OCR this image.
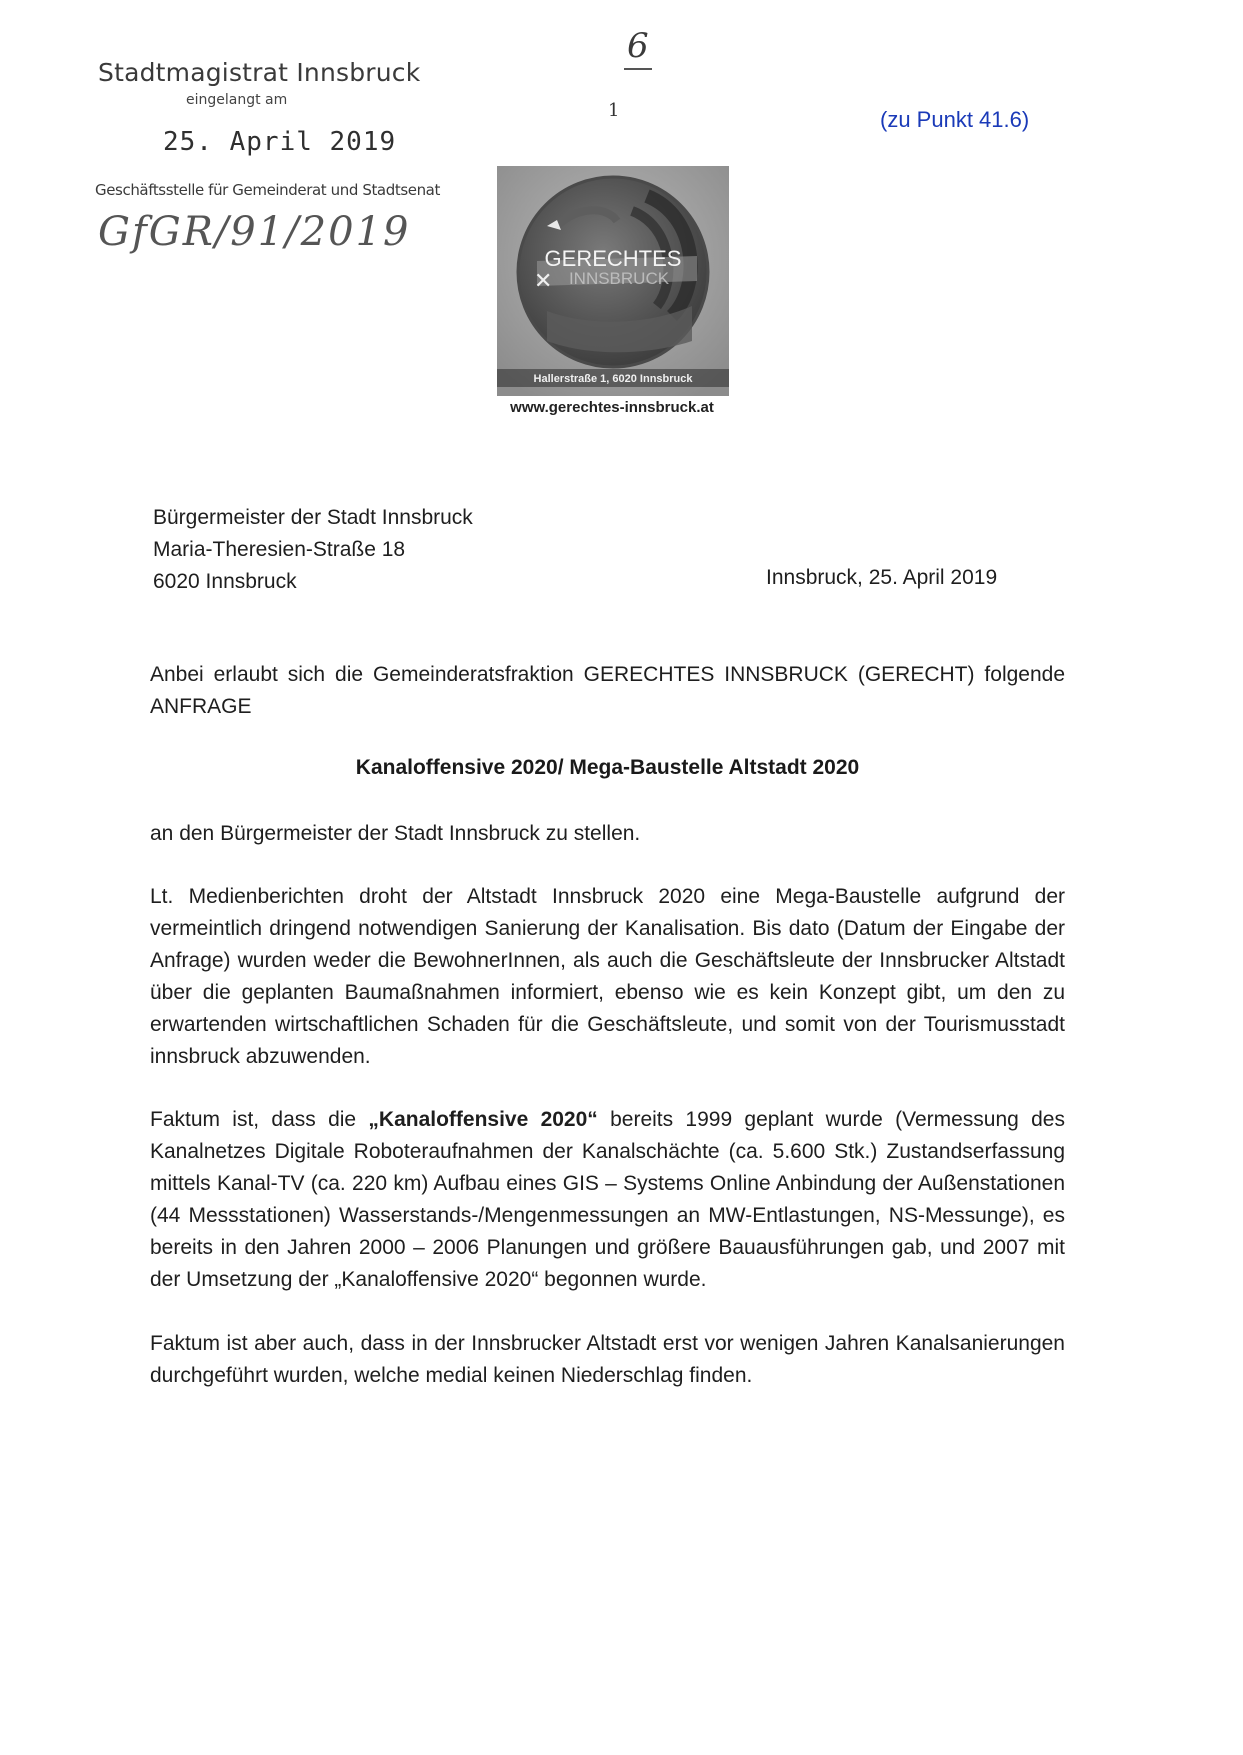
Stadtmagistrat Innsbruck
eingelangt am
25. April 2019
Geschäftsstelle für Gemeinderat und Stadtsenat
GfGR/91/2019
6
1	(zu Punkt 41.6)
GERECHTES
INNSBRUCK
✕
Hallerstraße 1, 6020 Innsbruck
www.gerechtes-innsbruck.at
Bürgermeister der Stadt Innsbruck
Maria-Theresien-Straße 18
6020 Innsbruck	Innsbruck, 25. April 2019
Anbei erlaubt sich die Gemeinderatsfraktion GERECHTES INNSBRUCK (GERECHT) folgende ANFRAGE
Kanaloffensive 2020/ Mega-Baustelle Altstadt 2020
an den Bürgermeister der Stadt Innsbruck zu stellen.
Lt. Medienberichten droht der Altstadt Innsbruck 2020 eine Mega-Baustelle aufgrund der vermeintlich dringend notwendigen Sanierung der Kanalisation. Bis dato (Datum der Eingabe der Anfrage) wurden weder die BewohnerInnen, als auch die Geschäftsleute der Innsbrucker Altstadt über die geplanten Baumaßnahmen informiert, ebenso wie es kein Konzept gibt, um den zu erwartenden wirtschaftlichen Schaden für die Geschäftsleute, und somit von der Tourismusstadt innsbruck abzuwenden.
Faktum ist, dass die „Kanaloffensive 2020“ bereits 1999 geplant wurde (Vermessung des Kanalnetzes Digitale Roboteraufnahmen der Kanalschächte (ca. 5.600 Stk.) Zustandserfassung mittels Kanal-TV (ca. 220 km) Aufbau eines GIS – Systems Online Anbindung der Außenstationen (44 Messstationen) Wasserstands-/Mengenmessungen an MW-Entlastungen, NS-Messunge), es bereits in den Jahren 2000 – 2006 Planungen und größere Bauausführungen gab, und 2007 mit der Umsetzung der „Kanaloffensive 2020“ begonnen wurde.
Faktum ist aber auch, dass in der Innsbrucker Altstadt erst vor wenigen Jahren Kanalsanierungen durchgeführt wurden, welche medial keinen Niederschlag finden.
